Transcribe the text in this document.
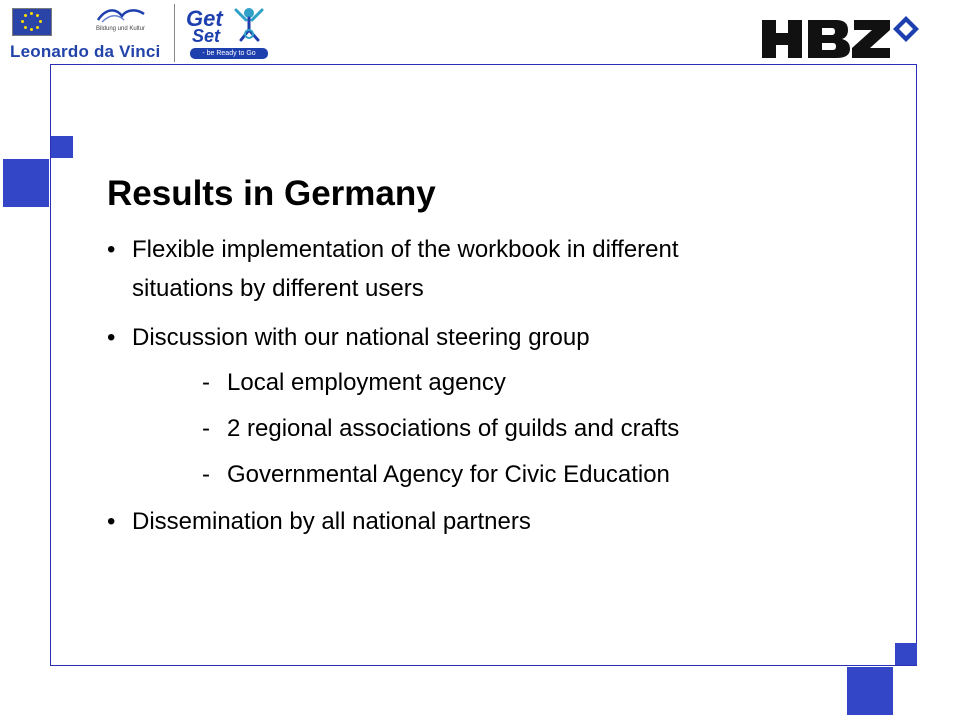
Bildung und Kultur
Leonardo da Vinci
Get
Set
- be Ready to Go
Results in Germany
• Flexible implementation of the workbook in different
situations by different users
• Discussion with our national steering group
- Local employment agency
- 2 regional associations of guilds and crafts
- Governmental Agency for Civic Education
• Dissemination by all national partners
